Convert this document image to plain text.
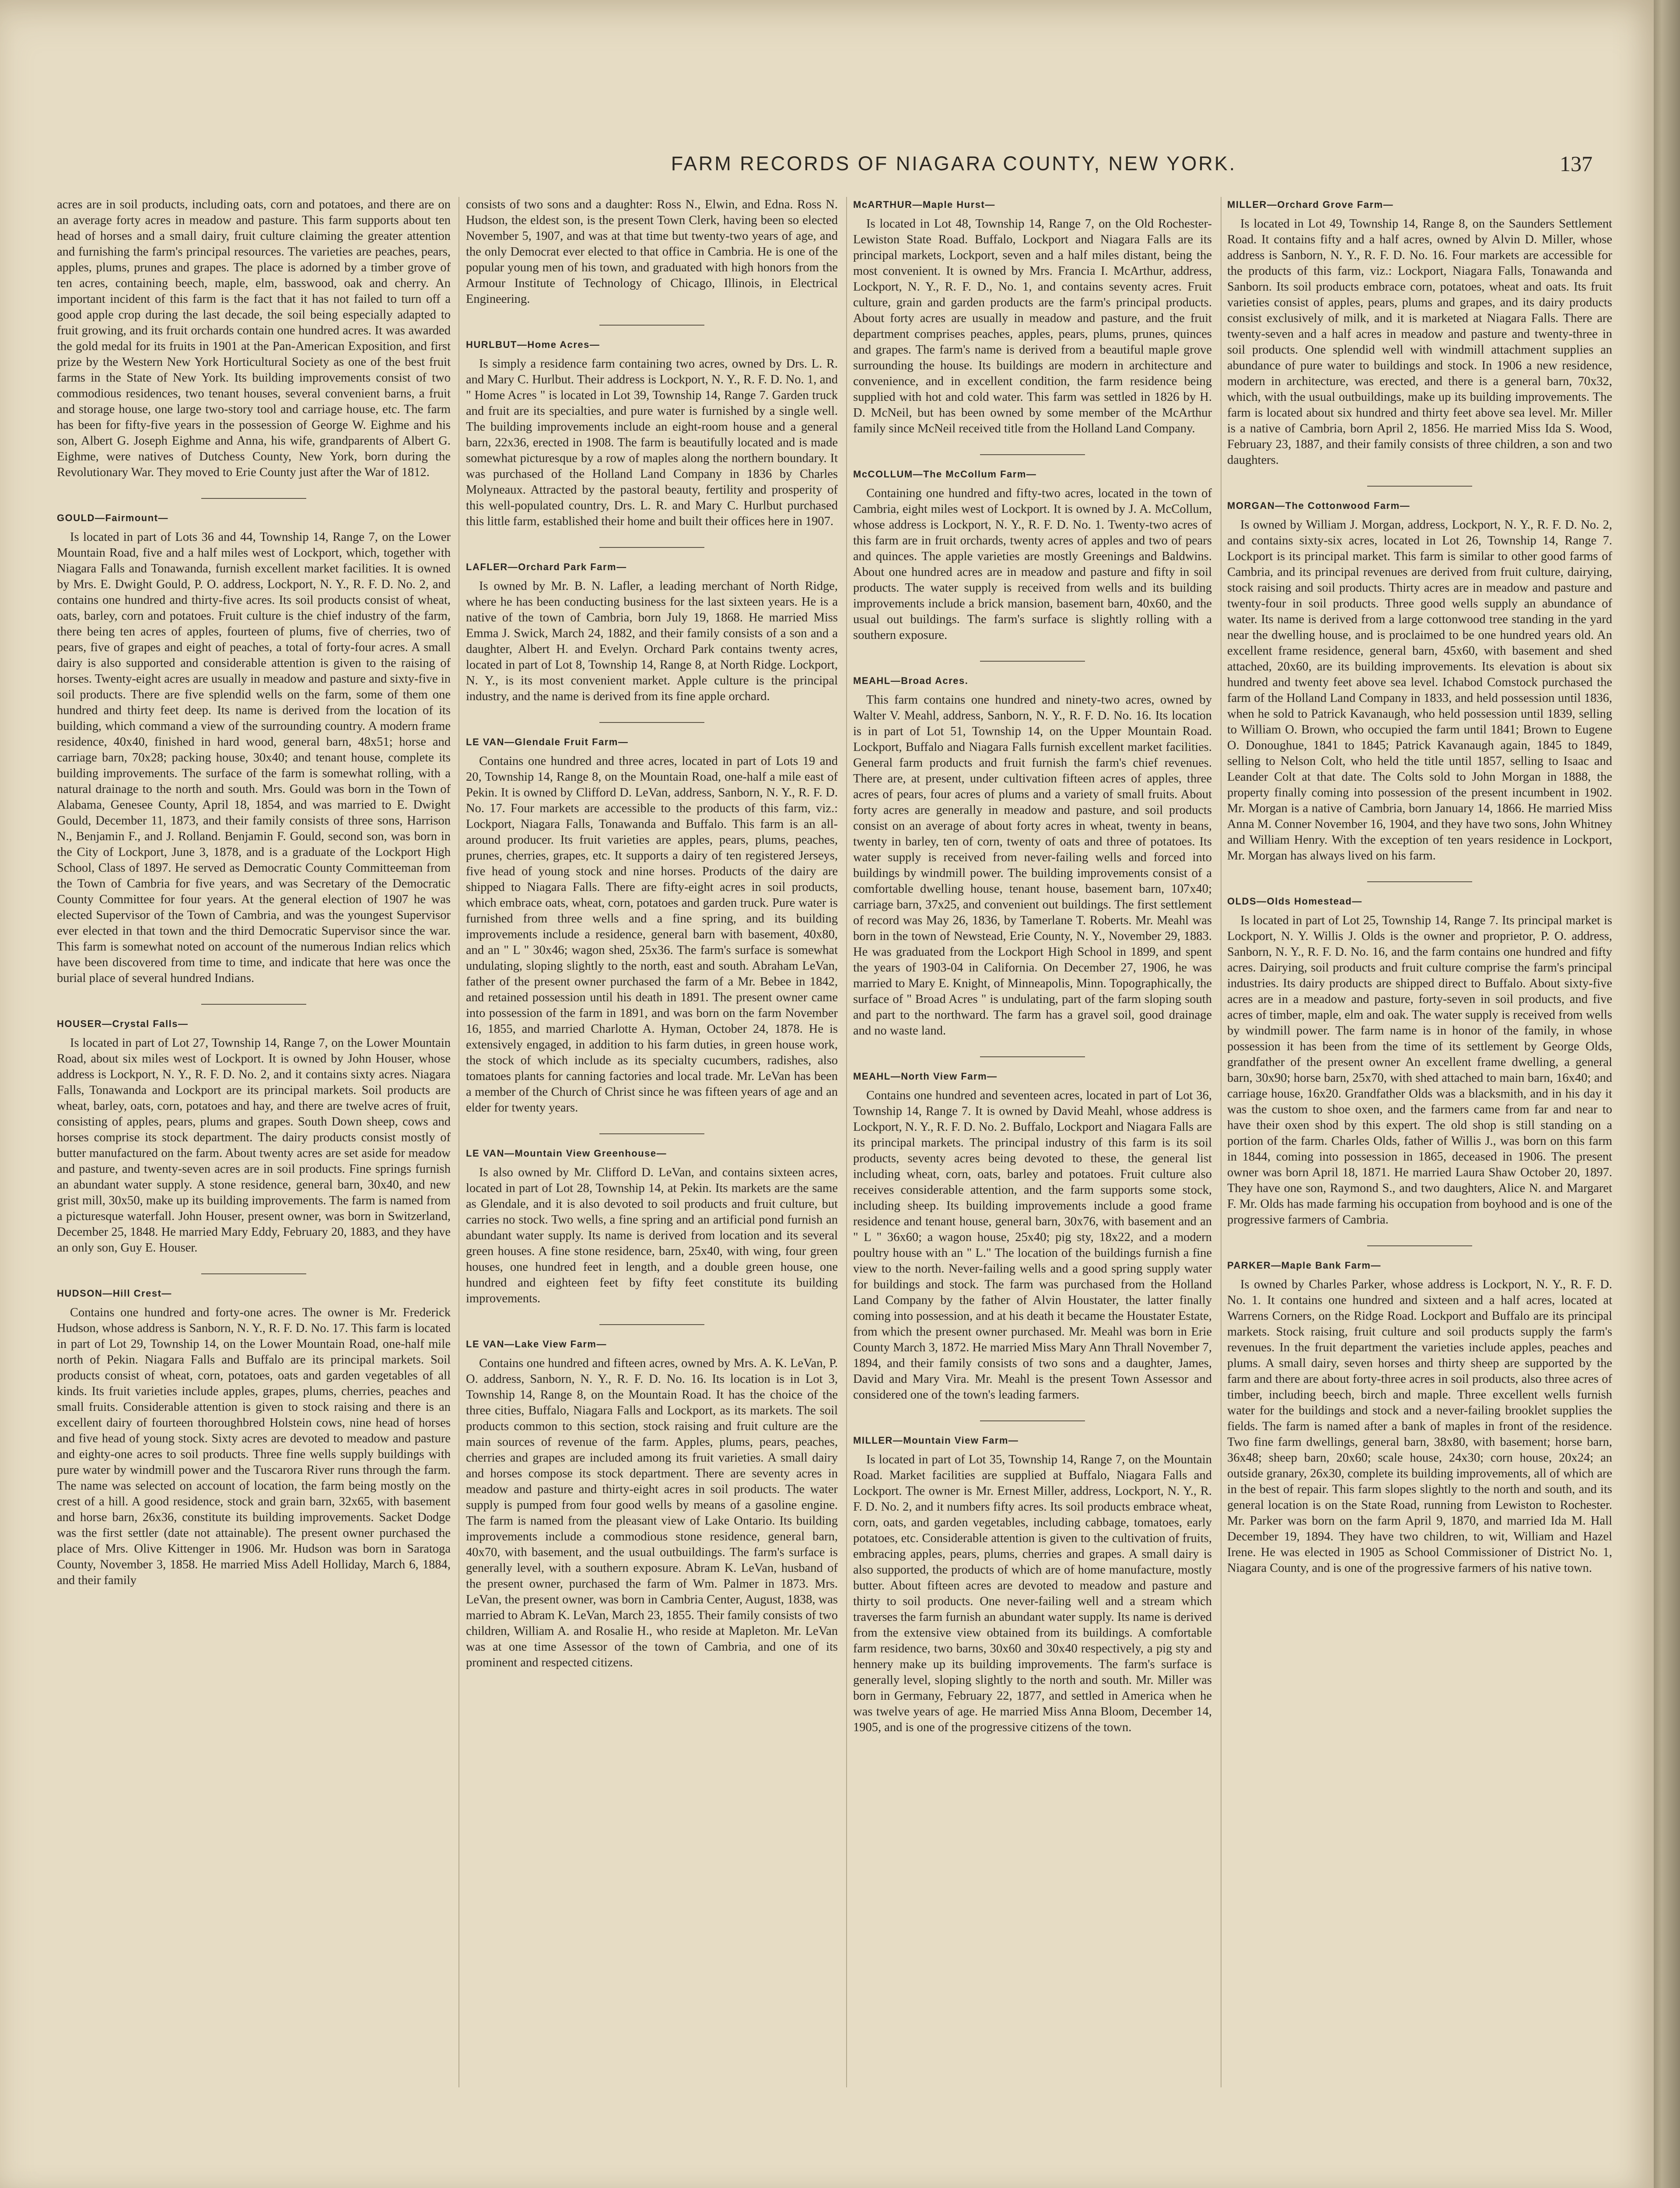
FARM RECORDS OF NIAGARA COUNTY, NEW YORK.	137

acres are in soil products, including oats, corn and potatoes, and there are on an average forty acres in meadow and pasture. This farm supports about ten head of horses and a small dairy, fruit culture claiming the greater attention and furnishing the farm's principal resources. The varieties are peaches, pears, apples, plums, prunes and grapes. The place is adorned by a timber grove of ten acres, containing beech, maple, elm, basswood, oak and cherry. An important incident of this farm is the fact that it has not failed to turn off a good apple crop during the last decade, the soil being especially adapted to fruit growing, and its fruit orchards contain one hundred acres. It was awarded the gold medal for its fruits in 1901 at the Pan-American Exposition, and first prize by the Western New York Horticultural Society as one of the best fruit farms in the State of New York. Its building improvements consist of two commodious residences, two tenant houses, several convenient barns, a fruit and storage house, one large two-story tool and carriage house, etc. The farm has been for fifty-five years in the possession of George W. Eighme and his son, Albert G. Joseph Eighme and Anna, his wife, grandparents of Albert G. Eighme, were natives of Dutchess County, New York, born during the Revolutionary War. They moved to Erie County just after the War of 1812.

GOULD—Fairmount—

Is located in part of Lots 36 and 44, Township 14, Range 7, on the Lower Mountain Road, five and a half miles west of Lockport, which, together with Niagara Falls and Tonawanda, furnish excellent market facilities. It is owned by Mrs. E. Dwight Gould, P. O. address, Lockport, N. Y., R. F. D. No. 2, and contains one hundred and thirty-five acres. Its soil products consist of wheat, oats, barley, corn and potatoes. Fruit culture is the chief industry of the farm, there being ten acres of apples, fourteen of plums, five of cherries, two of pears, five of grapes and eight of peaches, a total of forty-four acres. A small dairy is also supported and considerable attention is given to the raising of horses. Twenty-eight acres are usually in meadow and pasture and sixty-five in soil products. There are five splendid wells on the farm, some of them one hundred and thirty feet deep. Its name is derived from the location of its building, which command a view of the surrounding country. A modern frame residence, 40x40, finished in hard wood, general barn, 48x51; horse and carriage barn, 70x28; packing house, 30x40; and tenant house, complete its building improvements. The surface of the farm is somewhat rolling, with a natural drainage to the north and south. Mrs. Gould was born in the Town of Alabama, Genesee County, April 18, 1854, and was married to E. Dwight Gould, December 11, 1873, and their family consists of three sons, Harrison N., Benjamin F., and J. Rolland. Benjamin F. Gould, second son, was born in the City of Lockport, June 3, 1878, and is a graduate of the Lockport High School, Class of 1897. He served as Democratic County Committeeman from the Town of Cambria for five years, and was Secretary of the Democratic County Committee for four years. At the general election of 1907 he was elected Supervisor of the Town of Cambria, and was the youngest Supervisor ever elected in that town and the third Democratic Supervisor since the war. This farm is somewhat noted on account of the numerous Indian relics which have been discovered from time to time, and indicate that here was once the burial place of several hundred Indians.

HOUSER—Crystal Falls—

Is located in part of Lot 27, Township 14, Range 7, on the Lower Mountain Road, about six miles west of Lockport. It is owned by John Houser, whose address is Lockport, N. Y., R. F. D. No. 2, and it contains sixty acres. Niagara Falls, Tonawanda and Lockport are its principal markets. Soil products are wheat, barley, oats, corn, potatoes and hay, and there are twelve acres of fruit, consisting of apples, pears, plums and grapes. South Down sheep, cows and horses comprise its stock department. The dairy products consist mostly of butter manufactured on the farm. About twenty acres are set aside for meadow and pasture, and twenty-seven acres are in soil products. Fine springs furnish an abundant water supply. A stone residence, general barn, 30x40, and new grist mill, 30x50, make up its building improvements. The farm is named from a picturesque waterfall. John Houser, present owner, was born in Switzerland, December 25, 1848. He married Mary Eddy, February 20, 1883, and they have an only son, Guy E. Houser.

HUDSON—Hill Crest—

Contains one hundred and forty-one acres. The owner is Mr. Frederick Hudson, whose address is Sanborn, N. Y., R. F. D. No. 17. This farm is located in part of Lot 29, Township 14, on the Lower Mountain Road, one-half mile north of Pekin. Niagara Falls and Buffalo are its principal markets. Soil products consist of wheat, corn, potatoes, oats and garden vegetables of all kinds. Its fruit varieties include apples, grapes, plums, cherries, peaches and small fruits. Considerable attention is given to stock raising and there is an excellent dairy of fourteen thoroughbred Holstein cows, nine head of horses and five head of young stock. Sixty acres are devoted to meadow and pasture and eighty-one acres to soil products. Three fine wells supply buildings with pure water by windmill power and the Tuscarora River runs through the farm. The name was selected on account of location, the farm being mostly on the crest of a hill. A good residence, stock and grain barn, 32x65, with basement and horse barn, 26x36, constitute its building improvements. Sacket Dodge was the first settler (date not attainable). The present owner purchased the place of Mrs. Olive Kittenger in 1906. Mr. Hudson was born in Saratoga County, November 3, 1858. He married Miss Adell Holliday, March 6, 1884, and their family

consists of two sons and a daughter: Ross N., Elwin, and Edna. Ross N. Hudson, the eldest son, is the present Town Clerk, having been so elected November 5, 1907, and was at that time but twenty-two years of age, and the only Democrat ever elected to that office in Cambria. He is one of the popular young men of his town, and graduated with high honors from the Armour Institute of Technology of Chicago, Illinois, in Electrical Engineering.

HURLBUT—Home Acres—

Is simply a residence farm containing two acres, owned by Drs. L. R. and Mary C. Hurlbut. Their address is Lockport, N. Y., R. F. D. No. 1, and " Home Acres " is located in Lot 39, Township 14, Range 7. Garden truck and fruit are its specialties, and pure water is furnished by a single well. The building improvements include an eight-room house and a general barn, 22x36, erected in 1908. The farm is beautifully located and is made somewhat picturesque by a row of maples along the northern boundary. It was purchased of the Holland Land Company in 1836 by Charles Molyneaux. Attracted by the pastoral beauty, fertility and prosperity of this well-populated country, Drs. L. R. and Mary C. Hurlbut purchased this little farm, established their home and built their offices here in 1907.

LAFLER—Orchard Park Farm—

Is owned by Mr. B. N. Lafler, a leading merchant of North Ridge, where he has been conducting business for the last sixteen years. He is a native of the town of Cambria, born July 19, 1868. He married Miss Emma J. Swick, March 24, 1882, and their family consists of a son and a daughter, Albert H. and Evelyn. Orchard Park contains twenty acres, located in part of Lot 8, Township 14, Range 8, at North Ridge. Lockport, N. Y., is its most convenient market. Apple culture is the principal industry, and the name is derived from its fine apple orchard.

LE VAN—Glendale Fruit Farm—

Contains one hundred and three acres, located in part of Lots 19 and 20, Township 14, Range 8, on the Mountain Road, one-half a mile east of Pekin. It is owned by Clifford D. LeVan, address, Sanborn, N. Y., R. F. D. No. 17. Four markets are accessible to the products of this farm, viz.: Lockport, Niagara Falls, Tonawanda and Buffalo. This farm is an all-around producer. Its fruit varieties are apples, pears, plums, peaches, prunes, cherries, grapes, etc. It supports a dairy of ten registered Jerseys, five head of young stock and nine horses. Products of the dairy are shipped to Niagara Falls. There are fifty-eight acres in soil products, which embrace oats, wheat, corn, potatoes and garden truck. Pure water is furnished from three wells and a fine spring, and its building improvements include a residence, general barn with basement, 40x80, and an " L " 30x46; wagon shed, 25x36. The farm's surface is somewhat undulating, sloping slightly to the north, east and south. Abraham LeVan, father of the present owner purchased the farm of a Mr. Bebee in 1842, and retained possession until his death in 1891. The present owner came into possession of the farm in 1891, and was born on the farm November 16, 1855, and married Charlotte A. Hyman, October 24, 1878. He is extensively engaged, in addition to his farm duties, in green house work, the stock of which include as its specialty cucumbers, radishes, also tomatoes plants for canning factories and local trade. Mr. LeVan has been a member of the Church of Christ since he was fifteen years of age and an elder for twenty years.

LE VAN—Mountain View Greenhouse—

Is also owned by Mr. Clifford D. LeVan, and contains sixteen acres, located in part of Lot 28, Township 14, at Pekin. Its markets are the same as Glendale, and it is also devoted to soil products and fruit culture, but carries no stock. Two wells, a fine spring and an artificial pond furnish an abundant water supply. Its name is derived from location and its several green houses. A fine stone residence, barn, 25x40, with wing, four green houses, one hundred feet in length, and a double green house, one hundred and eighteen feet by fifty feet constitute its building improvements.

LE VAN—Lake View Farm—

Contains one hundred and fifteen acres, owned by Mrs. A. K. LeVan, P. O. address, Sanborn, N. Y., R. F. D. No. 16. Its location is in Lot 3, Township 14, Range 8, on the Mountain Road. It has the choice of the three cities, Buffalo, Niagara Falls and Lockport, as its markets. The soil products common to this section, stock raising and fruit culture are the main sources of revenue of the farm. Apples, plums, pears, peaches, cherries and grapes are included among its fruit varieties. A small dairy and horses compose its stock department. There are seventy acres in meadow and pasture and thirty-eight acres in soil products. The water supply is pumped from four good wells by means of a gasoline engine. The farm is named from the pleasant view of Lake Ontario. Its building improvements include a commodious stone residence, general barn, 40x70, with basement, and the usual outbuildings. The farm's surface is generally level, with a southern exposure. Abram K. LeVan, husband of the present owner, purchased the farm of Wm. Palmer in 1873. Mrs. LeVan, the present owner, was born in Cambria Center, August, 1838, was married to Abram K. LeVan, March 23, 1855. Their family consists of two children, William A. and Rosalie H., who reside at Mapleton. Mr. LeVan was at one time Assessor of the town of Cambria, and one of its prominent and respected citizens.

McARTHUR—Maple Hurst—

Is located in Lot 48, Township 14, Range 7, on the Old Rochester-Lewiston State Road. Buffalo, Lockport and Niagara Falls are its principal markets, Lockport, seven and a half miles distant, being the most convenient. It is owned by Mrs. Francia I. McArthur, address, Lockport, N. Y., R. F. D., No. 1, and contains seventy acres. Fruit culture, grain and garden products are the farm's principal products. About forty acres are usually in meadow and pasture, and the fruit department comprises peaches, apples, pears, plums, prunes, quinces and grapes. The farm's name is derived from a beautiful maple grove surrounding the house. Its buildings are modern in architecture and convenience, and in excellent condition, the farm residence being supplied with hot and cold water. This farm was settled in 1826 by H. D. McNeil, but has been owned by some member of the McArthur family since McNeil received title from the Holland Land Company.

McCOLLUM—The McCollum Farm—

Containing one hundred and fifty-two acres, located in the town of Cambria, eight miles west of Lockport. It is owned by J. A. McCollum, whose address is Lockport, N. Y., R. F. D. No. 1. Twenty-two acres of this farm are in fruit orchards, twenty acres of apples and two of pears and quinces. The apple varieties are mostly Greenings and Baldwins. About one hundred acres are in meadow and pasture and fifty in soil products. The water supply is received from wells and its building improvements include a brick mansion, basement barn, 40x60, and the usual out buildings. The farm's surface is slightly rolling with a southern exposure.

MEAHL—Broad Acres.

This farm contains one hundred and ninety-two acres, owned by Walter V. Meahl, address, Sanborn, N. Y., R. F. D. No. 16. Its location is in part of Lot 51, Township 14, on the Upper Mountain Road. Lockport, Buffalo and Niagara Falls furnish excellent market facilities. General farm products and fruit furnish the farm's chief revenues. There are, at present, under cultivation fifteen acres of apples, three acres of pears, four acres of plums and a variety of small fruits. About forty acres are generally in meadow and pasture, and soil products consist on an average of about forty acres in wheat, twenty in beans, twenty in barley, ten of corn, twenty of oats and three of potatoes. Its water supply is received from never-failing wells and forced into buildings by windmill power. The building improvements consist of a comfortable dwelling house, tenant house, basement barn, 107x40; carriage barn, 37x25, and convenient out buildings. The first settlement of record was May 26, 1836, by Tamerlane T. Roberts. Mr. Meahl was born in the town of Newstead, Erie County, N. Y., November 29, 1883. He was graduated from the Lockport High School in 1899, and spent the years of 1903-04 in California. On December 27, 1906, he was married to Mary E. Knight, of Minneapolis, Minn. Topographically, the surface of " Broad Acres " is undulating, part of the farm sloping south and part to the northward. The farm has a gravel soil, good drainage and no waste land.

MEAHL—North View Farm—

Contains one hundred and seventeen acres, located in part of Lot 36, Township 14, Range 7. It is owned by David Meahl, whose address is Lockport, N. Y., R. F. D. No. 2. Buffalo, Lockport and Niagara Falls are its principal markets. The principal industry of this farm is its soil products, seventy acres being devoted to these, the general list including wheat, corn, oats, barley and potatoes. Fruit culture also receives considerable attention, and the farm supports some stock, including sheep. Its building improvements include a good frame residence and tenant house, general barn, 30x76, with basement and an " L " 36x60; a wagon house, 25x40; pig sty, 18x22, and a modern poultry house with an " L." The location of the buildings furnish a fine view to the north. Never-failing wells and a good spring supply water for buildings and stock. The farm was purchased from the Holland Land Company by the father of Alvin Houstater, the latter finally coming into possession, and at his death it became the Houstater Estate, from which the present owner purchased. Mr. Meahl was born in Erie County March 3, 1872. He married Miss Mary Ann Thrall November 7, 1894, and their family consists of two sons and a daughter, James, David and Mary Vira. Mr. Meahl is the present Town Assessor and considered one of the town's leading farmers.

MILLER—Mountain View Farm—

Is located in part of Lot 35, Township 14, Range 7, on the Mountain Road. Market facilities are supplied at Buffalo, Niagara Falls and Lockport. The owner is Mr. Ernest Miller, address, Lockport, N. Y., R. F. D. No. 2, and it numbers fifty acres. Its soil products embrace wheat, corn, oats, and garden vegetables, including cabbage, tomatoes, early potatoes, etc. Considerable attention is given to the cultivation of fruits, embracing apples, pears, plums, cherries and grapes. A small dairy is also supported, the products of which are of home manufacture, mostly butter. About fifteen acres are devoted to meadow and pasture and thirty to soil products. One never-failing well and a stream which traverses the farm furnish an abundant water supply. Its name is derived from the extensive view obtained from its buildings. A comfortable farm residence, two barns, 30x60 and 30x40 respectively, a pig sty and hennery make up its building improvements. The farm's surface is generally level, sloping slightly to the north and south. Mr. Miller was born in Germany, February 22, 1877, and settled in America when he was twelve years of age. He married Miss Anna Bloom, December 14, 1905, and is one of the progressive citizens of the town.

MILLER—Orchard Grove Farm—

Is located in Lot 49, Township 14, Range 8, on the Saunders Settlement Road. It contains fifty and a half acres, owned by Alvin D. Miller, whose address is Sanborn, N. Y., R. F. D. No. 16. Four markets are accessible for the products of this farm, viz.: Lockport, Niagara Falls, Tonawanda and Sanborn. Its soil products embrace corn, potatoes, wheat and oats. Its fruit varieties consist of apples, pears, plums and grapes, and its dairy products consist exclusively of milk, and it is marketed at Niagara Falls. There are twenty-seven and a half acres in meadow and pasture and twenty-three in soil products. One splendid well with windmill attachment supplies an abundance of pure water to buildings and stock. In 1906 a new residence, modern in architecture, was erected, and there is a general barn, 70x32, which, with the usual outbuildings, make up its building improvements. The farm is located about six hundred and thirty feet above sea level. Mr. Miller is a native of Cambria, born April 2, 1856. He married Miss Ida S. Wood, February 23, 1887, and their family consists of three children, a son and two daughters.

MORGAN—The Cottonwood Farm—

Is owned by William J. Morgan, address, Lockport, N. Y., R. F. D. No. 2, and contains sixty-six acres, located in Lot 26, Township 14, Range 7. Lockport is its principal market. This farm is similar to other good farms of Cambria, and its principal revenues are derived from fruit culture, dairying, stock raising and soil products. Thirty acres are in meadow and pasture and twenty-four in soil products. Three good wells supply an abundance of water. Its name is derived from a large cottonwood tree standing in the yard near the dwelling house, and is proclaimed to be one hundred years old. An excellent frame residence, general barn, 45x60, with basement and shed attached, 20x60, are its building improvements. Its elevation is about six hundred and twenty feet above sea level. Ichabod Comstock purchased the farm of the Holland Land Company in 1833, and held possession until 1836, when he sold to Patrick Kavanaugh, who held possession until 1839, selling to William O. Brown, who occupied the farm until 1841; Brown to Eugene O. Donoughue, 1841 to 1845; Patrick Kavanaugh again, 1845 to 1849, selling to Nelson Colt, who held the title until 1857, selling to Isaac and Leander Colt at that date. The Colts sold to John Morgan in 1888, the property finally coming into possession of the present incumbent in 1902. Mr. Morgan is a native of Cambria, born January 14, 1866. He married Miss Anna M. Conner November 16, 1904, and they have two sons, John Whitney and William Henry. With the exception of ten years residence in Lockport, Mr. Morgan has always lived on his farm.

OLDS—Olds Homestead—

Is located in part of Lot 25, Township 14, Range 7. Its principal market is Lockport, N. Y. Willis J. Olds is the owner and proprietor, P. O. address, Sanborn, N. Y., R. F. D. No. 16, and the farm contains one hundred and fifty acres. Dairying, soil products and fruit culture comprise the farm's principal industries. Its dairy products are shipped direct to Buffalo. About sixty-five acres are in a meadow and pasture, forty-seven in soil products, and five acres of timber, maple, elm and oak. The water supply is received from wells by windmill power. The farm name is in honor of the family, in whose possession it has been from the time of its settlement by George Olds, grandfather of the present owner An excellent frame dwelling, a general barn, 30x90; horse barn, 25x70, with shed attached to main barn, 16x40; and carriage house, 16x20. Grandfather Olds was a blacksmith, and in his day it was the custom to shoe oxen, and the farmers came from far and near to have their oxen shod by this expert. The old shop is still standing on a portion of the farm. Charles Olds, father of Willis J., was born on this farm in 1844, coming into possession in 1865, deceased in 1906. The present owner was born April 18, 1871. He married Laura Shaw October 20, 1897. They have one son, Raymond S., and two daughters, Alice N. and Margaret F. Mr. Olds has made farming his occupation from boyhood and is one of the progressive farmers of Cambria.

PARKER—Maple Bank Farm—

Is owned by Charles Parker, whose address is Lockport, N. Y., R. F. D. No. 1. It contains one hundred and sixteen and a half acres, located at Warrens Corners, on the Ridge Road. Lockport and Buffalo are its principal markets. Stock raising, fruit culture and soil products supply the farm's revenues. In the fruit department the varieties include apples, peaches and plums. A small dairy, seven horses and thirty sheep are supported by the farm and there are about forty-three acres in soil products, also three acres of timber, including beech, birch and maple. Three excellent wells furnish water for the buildings and stock and a never-failing brooklet supplies the fields. The farm is named after a bank of maples in front of the residence. Two fine farm dwellings, general barn, 38x80, with basement; horse barn, 36x48; sheep barn, 20x60; scale house, 24x30; corn house, 20x24; an outside granary, 26x30, complete its building improvements, all of which are in the best of repair. This farm slopes slightly to the north and south, and its general location is on the State Road, running from Lewiston to Rochester. Mr. Parker was born on the farm April 9, 1870, and married Ida M. Hall December 19, 1894. They have two children, to wit, William and Hazel Irene. He was elected in 1905 as School Commissioner of District No. 1, Niagara County, and is one of the progressive farmers of his native town.
